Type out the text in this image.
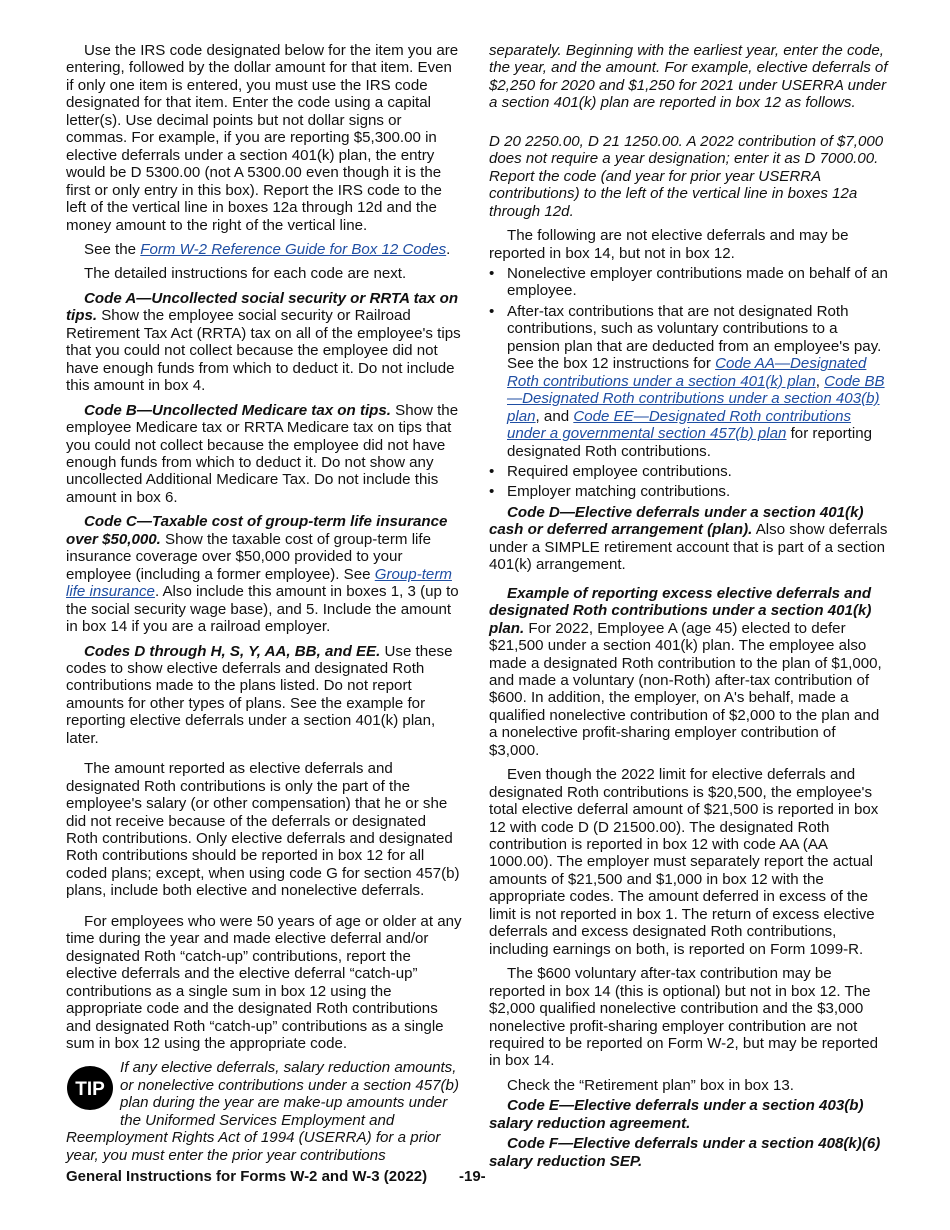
Use the IRS code designated below for the item you are entering, followed by the dollar amount for that item. Even if only one item is entered, you must use the IRS code designated for that item. Enter the code using a capital letter(s). Use decimal points but not dollar signs or commas. For example, if you are reporting $5,300.00 in elective deferrals under a section 401(k) plan, the entry would be D 5300.00 (not A 5300.00 even though it is the first or only entry in this box). Report the IRS code to the left of the vertical line in boxes 12a through 12d and the money amount to the right of the vertical line.

See the Form W-2 Reference Guide for Box 12 Codes.

The detailed instructions for each code are next.

Code A—Uncollected social security or RRTA tax on tips. Show the employee social security or Railroad Retirement Tax Act (RRTA) tax on all of the employee's tips that you could not collect because the employee did not have enough funds from which to deduct it. Do not include this amount in box 4.

Code B—Uncollected Medicare tax on tips. Show the employee Medicare tax or RRTA Medicare tax on tips that you could not collect because the employee did not have enough funds from which to deduct it. Do not show any uncollected Additional Medicare Tax. Do not include this amount in box 6.

Code C—Taxable cost of group-term life insurance over $50,000. Show the taxable cost of group-term life insurance coverage over $50,000 provided to your employee (including a former employee). See Group-term life insurance. Also include this amount in boxes 1, 3 (up to the social security wage base), and 5. Include the amount in box 14 if you are a railroad employer.

Codes D through H, S, Y, AA, BB, and EE. Use these codes to show elective deferrals and designated Roth contributions made to the plans listed. Do not report amounts for other types of plans. See the example for reporting elective deferrals under a section 401(k) plan, later.

The amount reported as elective deferrals and designated Roth contributions is only the part of the employee's salary (or other compensation) that he or she did not receive because of the deferrals or designated Roth contributions. Only elective deferrals and designated Roth contributions should be reported in box 12 for all coded plans; except, when using code G for section 457(b) plans, include both elective and nonelective deferrals.

For employees who were 50 years of age or older at any time during the year and made elective deferral and/or designated Roth “catch-up” contributions, report the elective deferrals and the elective deferral “catch-up” contributions as a single sum in box 12 using the appropriate code and the designated Roth contributions and designated Roth “catch-up” contributions as a single sum in box 12 using the appropriate code.

TIP
If any elective deferrals, salary reduction amounts, or nonelective contributions under a section 457(b) plan during the year are make-up amounts under the Uniformed Services Employment and Reemployment Rights Act of 1994 (USERRA) for a prior year, you must enter the prior year contributions

separately. Beginning with the earliest year, enter the code, the year, and the amount. For example, elective deferrals of $2,250 for 2020 and $1,250 for 2021 under USERRA under a section 401(k) plan are reported in box 12 as follows.

D 20 2250.00, D 21 1250.00. A 2022 contribution of $7,000 does not require a year designation; enter it as D 7000.00. Report the code (and year for prior year USERRA contributions) to the left of the vertical line in boxes 12a through 12d.

The following are not elective deferrals and may be reported in box 14, but not in box 12.

• Nonelective employer contributions made on behalf of an employee.
• After-tax contributions that are not designated Roth contributions, such as voluntary contributions to a pension plan that are deducted from an employee's pay. See the box 12 instructions for Code AA—Designated Roth contributions under a section 401(k) plan, Code BB—Designated Roth contributions under a section 403(b) plan, and Code EE—Designated Roth contributions under a governmental section 457(b) plan for reporting designated Roth contributions.
• Required employee contributions.
• Employer matching contributions.

Code D—Elective deferrals under a section 401(k) cash or deferred arrangement (plan). Also show deferrals under a SIMPLE retirement account that is part of a section 401(k) arrangement.

Example of reporting excess elective deferrals and designated Roth contributions under a section 401(k) plan. For 2022, Employee A (age 45) elected to defer $21,500 under a section 401(k) plan. The employee also made a designated Roth contribution to the plan of $1,000, and made a voluntary (non-Roth) after-tax contribution of $600. In addition, the employer, on A's behalf, made a qualified nonelective contribution of $2,000 to the plan and a nonelective profit-sharing employer contribution of $3,000.

Even though the 2022 limit for elective deferrals and designated Roth contributions is $20,500, the employee's total elective deferral amount of $21,500 is reported in box 12 with code D (D 21500.00). The designated Roth contribution is reported in box 12 with code AA (AA 1000.00). The employer must separately report the actual amounts of $21,500 and $1,000 in box 12 with the appropriate codes. The amount deferred in excess of the limit is not reported in box 1. The return of excess elective deferrals and excess designated Roth contributions, including earnings on both, is reported on Form 1099-R.

The $600 voluntary after-tax contribution may be reported in box 14 (this is optional) but not in box 12. The $2,000 qualified nonelective contribution and the $3,000 nonelective profit-sharing employer contribution are not required to be reported on Form W-2, but may be reported in box 14.

Check the “Retirement plan” box in box 13.

Code E—Elective deferrals under a section 403(b) salary reduction agreement.

Code F—Elective deferrals under a section 408(k)(6) salary reduction SEP.

General Instructions for Forms W-2 and W-3 (2022) -19-
